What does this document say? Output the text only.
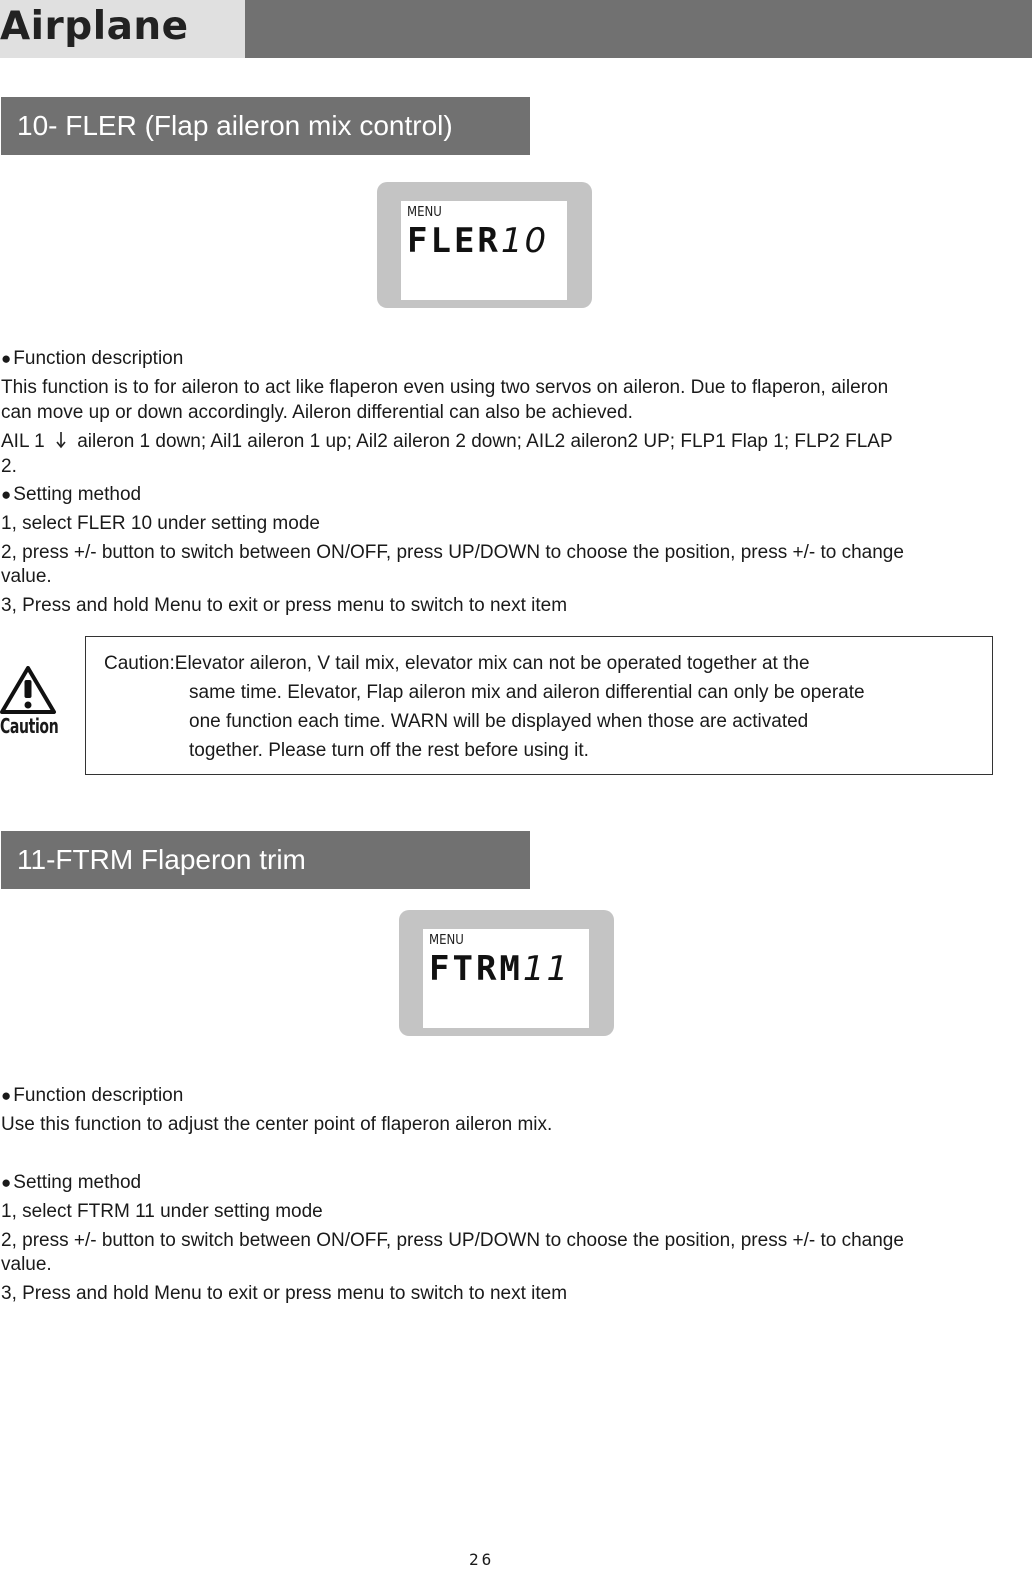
Airplane
10- FLER (Flap aileron mix control)
MENU
FLER10
● Function description
This function is to for aileron to act like flaperon even using two servos on aileron. Due to flaperon, aileron
can move up or down accordingly. Aileron differential can also be achieved.
AIL 1 aileron 1 down; Ail1 aileron 1 up; Ail2 aileron 2 down; AIL2 aileron2 UP; FLP1 Flap 1; FLP2 FLAP
2.
● Setting method
1, select FLER 10 under setting mode
2, press +/- button to switch between ON/OFF, press UP/DOWN to choose the position, press +/- to change
value.
3, Press and hold Menu to exit or press menu to switch to next item
Caution
Caution:Elevator aileron, V tail mix, elevator mix can not be operated together at the
same time. Elevator, Flap aileron mix and aileron differential can only be operate
one function each time. WARN will be displayed when those are activated
together. Please turn off the rest before using it.
11-FTRM Flaperon trim
MENU
FTRM11
● Function description
Use this function to adjust the center point of flaperon aileron mix.
● Setting method
1, select FTRM 11 under setting mode
2, press +/- button to switch between ON/OFF, press UP/DOWN to choose the position, press +/- to change
value.
3, Press and hold Menu to exit or press menu to switch to next item
26
